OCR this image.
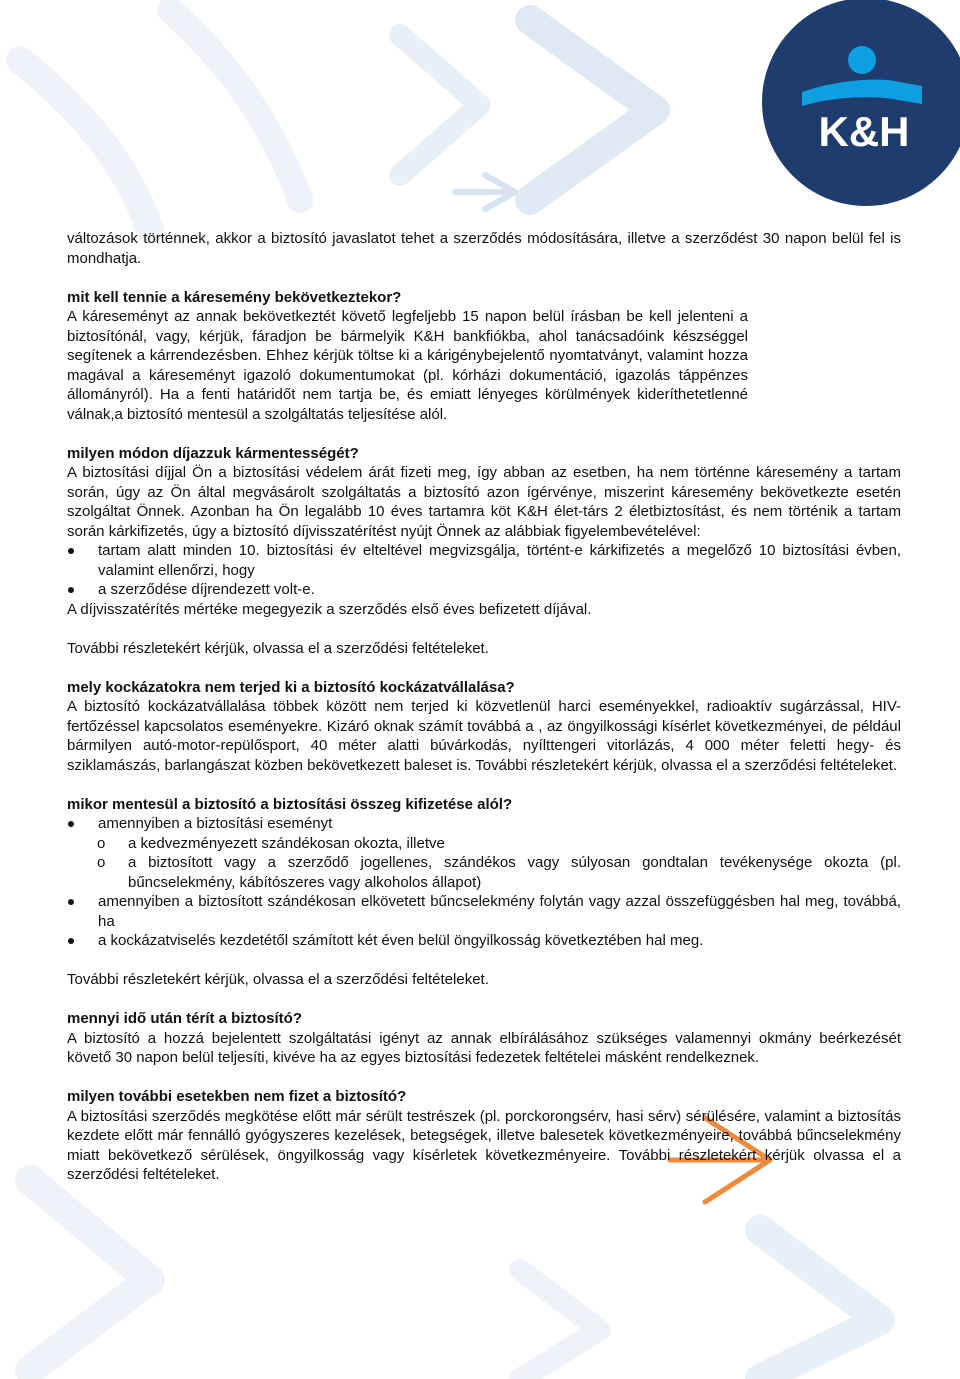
K&H

változások történnek, akkor a biztosító javaslatot tehet a szerződés módosítására, illetve a szerződést 30 napon belül fel is mondhatja.

mit kell tennie a káresemény bekövetkeztekor?

A káreseményt az annak bekövetkeztét követő legfeljebb 15 napon belül írásban be kell jelenteni a biztosítónál, vagy, kérjük, fáradjon be bármelyik K&H bankfiókba, ahol tanácsadóink készséggel segítenek a kárrendezésben. Ehhez kérjük töltse ki a kárigénybejelentő nyomtatványt, valamint hozza magával a káreseményt igazoló dokumentumokat (pl. kórházi dokumentáció, igazolás táppénzes állományról). Ha a fenti határidőt nem tartja be, és emiatt lényeges körülmények kideríthetetlenné válnak,a biztosító mentesül a szolgáltatás teljesítése alól.

milyen módon díjazzuk kármentességét?

A biztosítási díjjal Ön a biztosítási védelem árát fizeti meg, így abban az esetben, ha nem történne káresemény a tartam során, úgy az Ön által megvásárolt szolgáltatás a biztosító azon ígérvénye, miszerint káresemény bekövetkezte esetén szolgáltat Önnek. Azonban ha Ön legalább 10 éves tartamra köt K&H élet-társ 2 életbiztosítást, és nem történik a tartam során kárkifizetés, úgy a biztosító díjvisszatérítést nyújt Önnek az alábbiak figyelembevételével:

tartam alatt minden 10. biztosítási év elteltével megvizsgálja, történt-e kárkifizetés a megelőző 10 biztosítási évben, valamint ellenőrzi, hogy
a szerződése díjrendezett volt-e.

A díjvisszatérítés mértéke megegyezik a szerződés első éves befizetett díjával.

További részletekért kérjük, olvassa el a szerződési feltételeket.

mely kockázatokra nem terjed ki a biztosító kockázatvállalása?

A biztosító kockázatvállalása többek között nem terjed ki közvetlenül harci eseményekkel, radioaktív sugárzással, HIV-fertőzéssel kapcsolatos eseményekre. Kizáró oknak számít továbbá a , az öngyilkossági kísérlet következményei, de például bármilyen autó-motor-repülősport, 40 méter alatti búvárkodás, nyílttengeri vitorlázás, 4 000 méter feletti hegy- és sziklamászás, barlangászat közben bekövetkezett baleset is. További részletekért kérjük, olvassa el a szerződési feltételeket.

mikor mentesül a biztosító a biztosítási összeg kifizetése alól?

amennyiben a biztosítási eseményt
o a kedvezményezett szándékosan okozta, illetve
o a biztosított vagy a szerződő jogellenes, szándékos vagy súlyosan gondtalan tevékenysége okozta (pl. bűncselekmény, kábítószeres vagy alkoholos állapot)
amennyiben a biztosított szándékosan elkövetett bűncselekmény folytán vagy azzal összefüggésben hal meg, továbbá, ha
a kockázatviselés kezdetétől számított két éven belül öngyilkosság következtében hal meg.

További részletekért kérjük, olvassa el a szerződési feltételeket.

mennyi idő után térít a biztosító?

A biztosító a hozzá bejelentett szolgáltatási igényt az annak elbírálásához szükséges valamennyi okmány beérkezését követő 30 napon belül teljesíti, kivéve ha az egyes biztosítási fedezetek feltételei másként rendelkeznek.

milyen további esetekben nem fizet a biztosító?

A biztosítási szerződés megkötése előtt már sérült testrészek (pl. porckorongsérv, hasi sérv) sérülésére, valamint a biztosítás kezdete előtt már fennálló gyógyszeres kezelések, betegségek, illetve balesetek következményeire, továbbá bűncselekmény miatt bekövetkező sérülések, öngyilkosság vagy kísérletek következményeire. További részletekért kérjük olvassa el a szerződési feltételeket.
